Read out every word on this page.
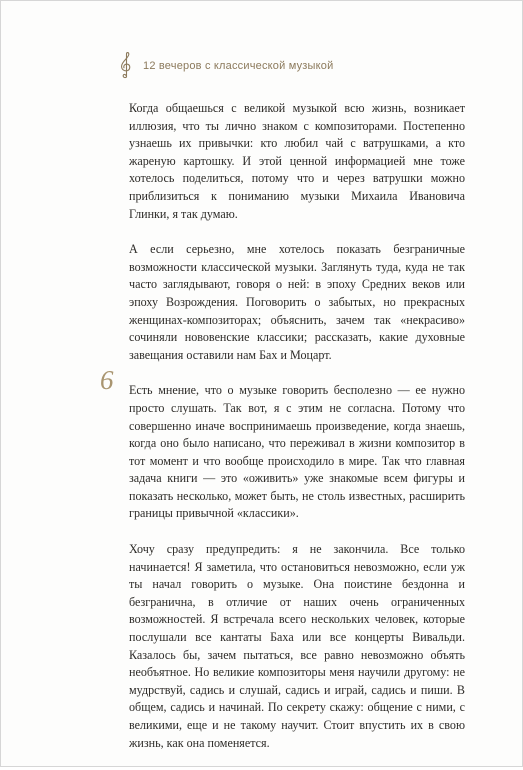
12 вечеров с классической музыкой
6

Когда общаешься с великой музыкой всю жизнь, возникает иллюзия, что ты лично знаком с композиторами. Постепенно узнаешь их привычки: кто любил чай с ватрушками, а кто жареную картошку. И этой ценной информацией мне тоже хотелось поделиться, потому что и через ватрушки можно приблизиться к пониманию музыки Михаила Ивановича Глинки, я так думаю.

А если серьезно, мне хотелось показать безграничные возможности классической музыки. Заглянуть туда, куда не так часто заглядывают, говоря о ней: в эпоху Средних веков или эпоху Возрождения. Поговорить о забытых, но прекрасных женщинах-композиторах; объяснить, зачем так «некрасиво» сочиняли нововенские классики; рассказать, какие духовные завещания оставили нам Бах и Моцарт.

Есть мнение, что о музыке говорить бесполезно — ее нужно просто слушать. Так вот, я с этим не согласна. Потому что совершенно иначе воспринимаешь произведение, когда знаешь, когда оно было написано, что переживал в жизни композитор в тот момент и что вообще происходило в мире. Так что главная задача книги — это «оживить» уже знакомые всем фигуры и показать несколько, может быть, не столь известных, расширить границы привычной «классики».

Хочу сразу предупредить: я не закончила. Все только начинается! Я заметила, что остановиться невозможно, если уж ты начал говорить о музыке. Она поистине бездонна и безгранична, в отличие от наших очень ограниченных возможностей. Я встречала всего нескольких человек, которые послушали все кантаты Баха или все концерты Вивальди. Казалось бы, зачем пытаться, все равно невозможно объять необъятное. Но великие композиторы меня научили другому: не мудрствуй, садись и слушай, садись и играй, садись и пиши. В общем, садись и начинай. По секрету скажу: общение с ними, с великими, еще и не такому научит. Стоит впустить их в свою жизнь, как она поменяется.
